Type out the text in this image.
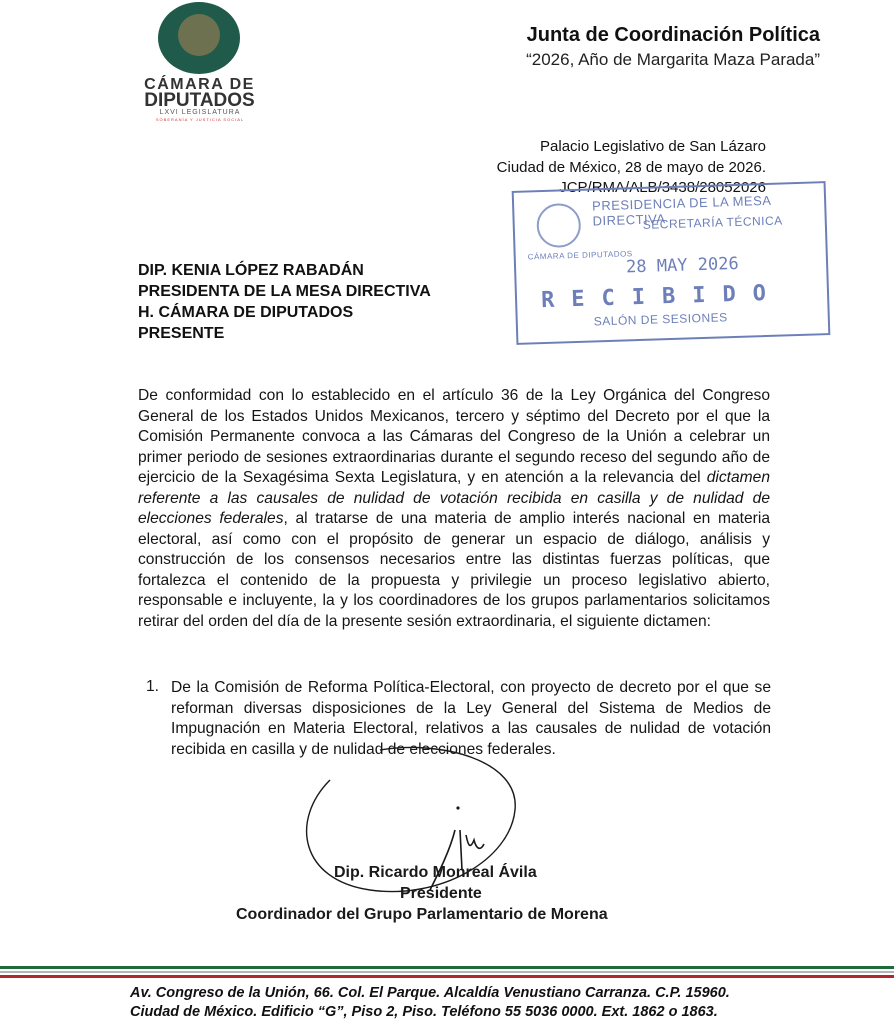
CÁMARA DE
DIPUTADOS
LXVI LEGISLATURA
SOBERANÍA Y JUSTICIA SOCIAL
Junta de Coordinación Política
“2026, Año de Margarita Maza Parada”
Palacio Legislativo de San Lázaro
Ciudad de México, 28 de mayo de 2026.
JCP/RMA/ALB/3438/28052026
PRESIDENCIA DE LA MESA DIRECTIVA
SECRETARÍA TÉCNICA
CÁMARA DE DIPUTADOS
28 MAY 2026
RECIBIDO
SALÓN DE SESIONES
DIP. KENIA LÓPEZ RABADÁN
PRESIDENTA DE LA MESA DIRECTIVA
H. CÁMARA DE DIPUTADOS
PRESENTE
De conformidad con lo establecido en el artículo 36 de la Ley Orgánica del Congreso General de los Estados Unidos Mexicanos, tercero y séptimo del Decreto por el que la Comisión Permanente convoca a las Cámaras del Congreso de la Unión a celebrar un primer periodo de sesiones extraordinarias durante el segundo receso del segundo año de ejercicio de la Sexagésima Sexta Legislatura, y en atención a la relevancia del dictamen referente a las causales de nulidad de votación recibida en casilla y de nulidad de elecciones federales, al tratarse de una materia de amplio interés nacional en materia electoral, así como con el propósito de generar un espacio de diálogo, análisis y construcción de los consensos necesarios entre las distintas fuerzas políticas, que fortalezca el contenido de la propuesta y privilegie un proceso legislativo abierto, responsable e incluyente, la y los coordinadores de los grupos parlamentarios solicitamos retirar del orden del día de la presente sesión extraordinaria, el siguiente dictamen:
1. De la Comisión de Reforma Política-Electoral, con proyecto de decreto por el que se reforman diversas disposiciones de la Ley General del Sistema de Medios de Impugnación en Materia Electoral, relativos a las causales de nulidad de votación recibida en casilla y de nulidad de elecciones federales.
Dip. Ricardo Monreal Ávila
Presidente
Coordinador del Grupo Parlamentario de Morena
Av. Congreso de la Unión, 66. Col. El Parque. Alcaldía Venustiano Carranza. C.P. 15960.
Ciudad de México. Edificio “G”, Piso 2, Piso. Teléfono 55 5036 0000. Ext. 1862 o 1863.
